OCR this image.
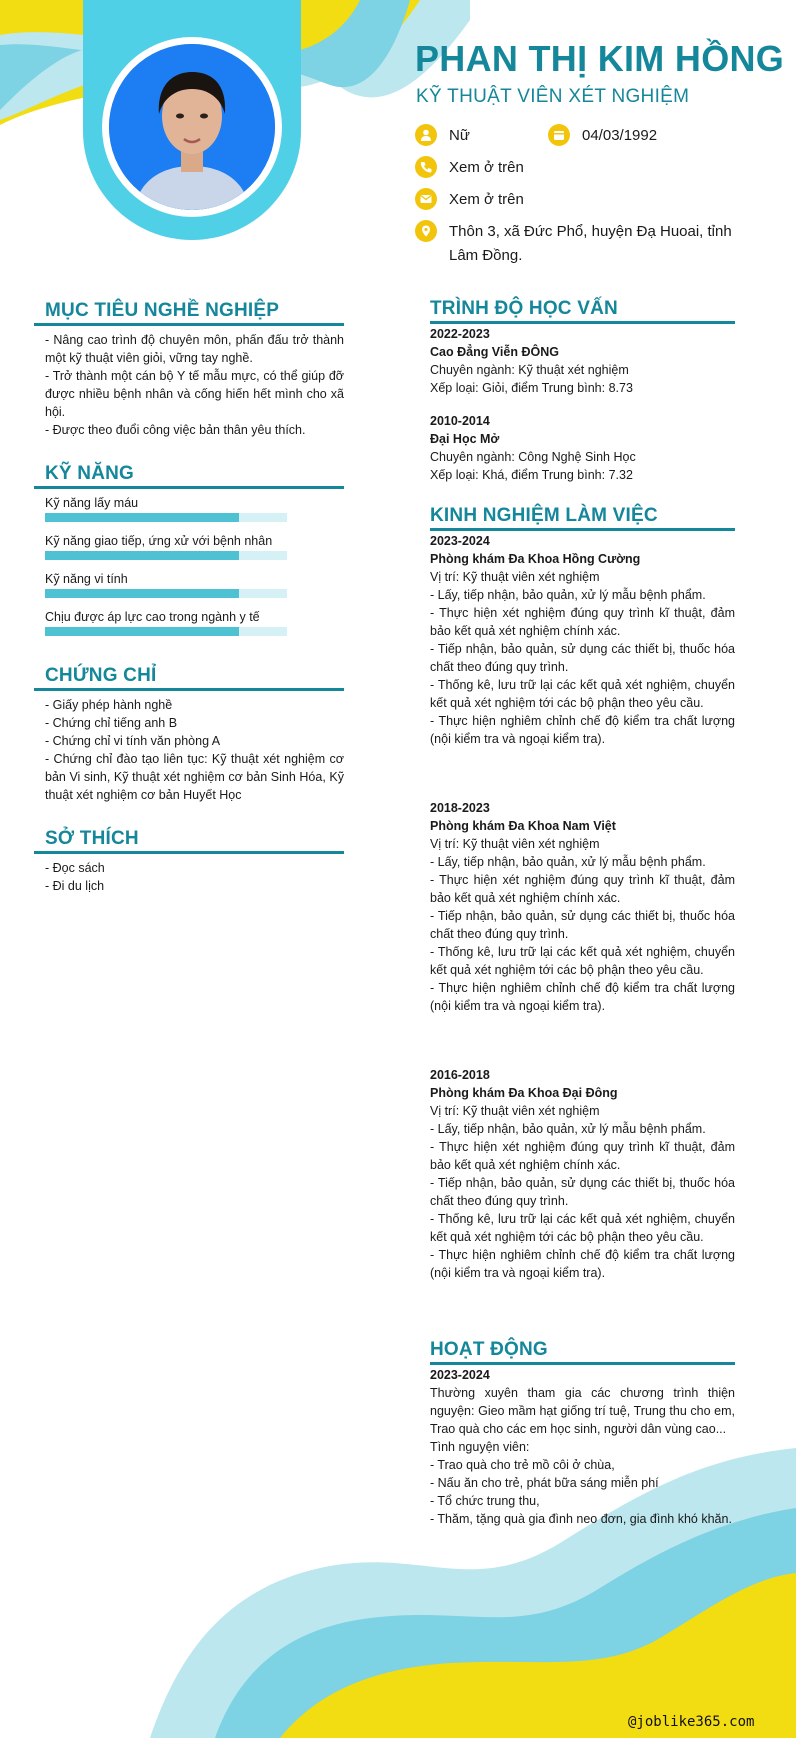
PHAN THỊ KIM HỒNG
KỸ THUẬT VIÊN XÉT NGHIỆM
Nữ	04/03/1992
Xem ở trên
Xem ở trên
Thôn 3, xã Đức Phổ, huyện Đạ Huoai, tỉnh Lâm Đồng.
MỤC TIÊU NGHỀ NGHIỆP
- Nâng cao trình độ chuyên môn, phấn đấu trở thành một kỹ thuật viên giỏi, vững tay nghề.
- Trở thành một cán bộ Y tế mẫu mực, có thể giúp đỡ được nhiều bệnh nhân và cống hiến hết mình cho xã hội.
- Được theo đuổi công việc bản thân yêu thích.
KỸ NĂNG
Kỹ năng lấy máu
Kỹ năng giao tiếp, ứng xử với bệnh nhân
Kỹ năng vi tính
Chịu được áp lực cao trong ngành y tế
CHỨNG CHỈ
- Giấy phép hành nghề
- Chứng chỉ tiếng anh B
- Chứng chỉ vi tính văn phòng A
- Chứng chỉ đào tạo liên tục: Kỹ thuật xét nghiệm cơ bản Vi sinh, Kỹ thuật xét nghiệm cơ bản Sinh Hóa, Kỹ thuật xét nghiệm cơ bản Huyết Học
SỞ THÍCH
- Đọc sách
- Đi du lịch
TRÌNH ĐỘ HỌC VẤN
2022-2023
Cao Đẳng Viễn ĐÔNG
Chuyên ngành: Kỹ thuật xét nghiệm
Xếp loại: Giỏi, điểm Trung bình: 8.73
2010-2014
Đại Học Mở
Chuyên ngành: Công Nghệ Sinh Học
Xếp loại: Khá, điểm Trung bình: 7.32
KINH NGHIỆM LÀM VIỆC
2023-2024
Phòng khám Đa Khoa Hồng Cường
Vị trí: Kỹ thuật viên xét nghiệm
- Lấy, tiếp nhận, bảo quản, xử lý mẫu bệnh phẩm.
- Thực hiện xét nghiệm đúng quy trình kĩ thuật, đảm bảo kết quả xét nghiệm chính xác.
- Tiếp nhận, bảo quản, sử dụng các thiết bị, thuốc hóa chất theo đúng quy trình.
- Thống kê, lưu trữ lại các kết quả xét nghiệm, chuyển kết quả xét nghiệm tới các bộ phận theo yêu cầu.
- Thực hiện nghiêm chỉnh chế độ kiểm tra chất lượng (nội kiểm tra và ngoại kiểm tra).
2018-2023
Phòng khám Đa Khoa Nam Việt
Vị trí: Kỹ thuật viên xét nghiệm
- Lấy, tiếp nhận, bảo quản, xử lý mẫu bệnh phẩm.
- Thực hiện xét nghiệm đúng quy trình kĩ thuật, đảm bảo kết quả xét nghiệm chính xác.
- Tiếp nhận, bảo quản, sử dụng các thiết bị, thuốc hóa chất theo đúng quy trình.
- Thống kê, lưu trữ lại các kết quả xét nghiệm, chuyển kết quả xét nghiệm tới các bộ phận theo yêu cầu.
- Thực hiện nghiêm chỉnh chế độ kiểm tra chất lượng (nội kiểm tra và ngoại kiểm tra).
2016-2018
Phòng khám Đa Khoa Đại Đông
Vị trí: Kỹ thuật viên xét nghiệm
- Lấy, tiếp nhận, bảo quản, xử lý mẫu bệnh phẩm.
- Thực hiện xét nghiệm đúng quy trình kĩ thuật, đảm bảo kết quả xét nghiệm chính xác.
- Tiếp nhận, bảo quản, sử dụng các thiết bị, thuốc hóa chất theo đúng quy trình.
- Thống kê, lưu trữ lại các kết quả xét nghiệm, chuyển kết quả xét nghiệm tới các bộ phận theo yêu cầu.
- Thực hiện nghiêm chỉnh chế độ kiểm tra chất lượng (nội kiểm tra và ngoại kiểm tra).
HOẠT ĐỘNG
2023-2024
Thường xuyên tham gia các chương trình thiện nguyện: Gieo mầm hạt giống trí tuệ, Trung thu cho em, Trao quà cho các em học sinh, người dân vùng cao...
Tình nguyện viên:
- Trao quà cho trẻ mồ côi ở chùa,
- Nấu ăn cho trẻ, phát bữa sáng miễn phí
- Tổ chức trung thu,
- Thăm, tặng quà gia đình neo đơn, gia đình khó khăn.
@joblike365.com
